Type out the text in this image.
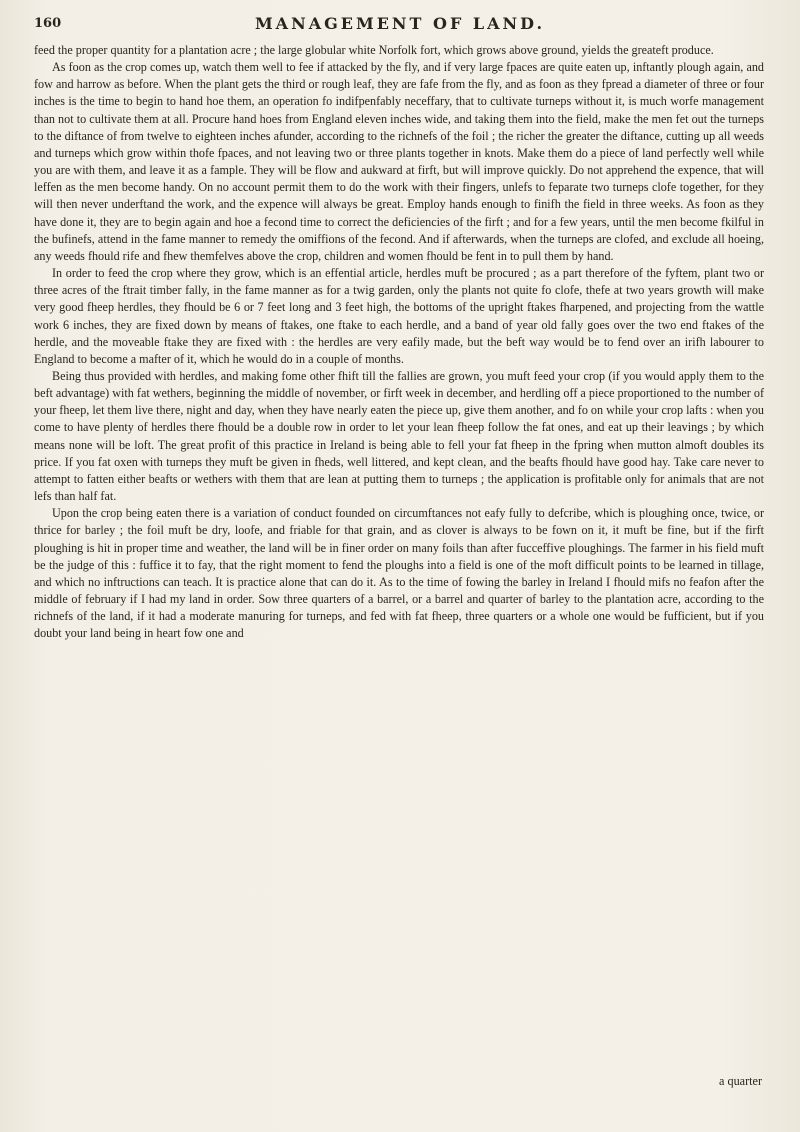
160	MANAGEMENT OF LAND.

feed the proper quantity for a plantation acre ; the large globular white Norfolk fort, which grows above ground, yields the greateft produce.

As foon as the crop comes up, watch them well to fee if attacked by the fly, and if very large fpaces are quite eaten up, inftantly plough again, and fow and harrow as before. When the plant gets the third or rough leaf, they are fafe from the fly, and as foon as they fpread a diameter of three or four inches is the time to begin to hand hoe them, an operation fo indifpenfably neceffary, that to cultivate turneps without it, is much worfe management than not to cultivate them at all. Procure hand hoes from England eleven inches wide, and taking them into the field, make the men fet out the turneps to the diftance of from twelve to eighteen inches afunder, according to the richnefs of the foil ; the richer the greater the diftance, cutting up all weeds and turneps which grow within thofe fpaces, and not leaving two or three plants together in knots. Make them do a piece of land perfectly well while you are with them, and leave it as a fample. They will be flow and aukward at firft, but will improve quickly. Do not apprehend the expence, that will leffen as the men become handy. On no account permit them to do the work with their fingers, unlefs to feparate two turneps clofe together, for they will then never underftand the work, and the expence will always be great. Employ hands enough to finifh the field in three weeks. As foon as they have done it, they are to begin again and hoe a fecond time to correct the deficiencies of the firft ; and for a few years, until the men become fkilful in the bufinefs, attend in the fame manner to remedy the omiffions of the fecond. And if afterwards, when the turneps are clofed, and exclude all hoeing, any weeds fhould rife and fhew themfelves above the crop, children and women fhould be fent in to pull them by hand.

In order to feed the crop where they grow, which is an effential article, herdles muft be procured ; as a part therefore of the fyftem, plant two or three acres of the ftrait timber fally, in the fame manner as for a twig garden, only the plants not quite fo clofe, thefe at two years growth will make very good fheep herdles, they fhould be 6 or 7 feet long and 3 feet high, the bottoms of the upright ftakes fharpened, and projecting from the wattle work 6 inches, they are fixed down by means of ftakes, one ftake to each herdle, and a band of year old fally goes over the two end ftakes of the herdle, and the moveable ftake they are fixed with : the herdles are very eafily made, but the beft way would be to fend over an irifh labourer to England to become a mafter of it, which he would do in a couple of months.

Being thus provided with herdles, and making fome other fhift till the fallies are grown, you muft feed your crop (if you would apply them to the beft advantage) with fat wethers, beginning the middle of november, or firft week in december, and herdling off a piece proportioned to the number of your fheep, let them live there, night and day, when they have nearly eaten the piece up, give them another, and fo on while your crop lafts : when you come to have plenty of herdles there fhould be a double row in order to let your lean fheep follow the fat ones, and eat up their leavings ; by which means none will be loft. The great profit of this practice in Ireland is being able to fell your fat fheep in the fpring when mutton almoft doubles its price. If you fat oxen with turneps they muft be given in fheds, well littered, and kept clean, and the beafts fhould have good hay. Take care never to attempt to fatten either beafts or wethers with them that are lean at putting them to turneps ; the application is profitable only for animals that are not lefs than half fat.

Upon the crop being eaten there is a variation of conduct founded on circumftances not eafy fully to defcribe, which is ploughing once, twice, or thrice for barley ; the foil muft be dry, loofe, and friable for that grain, and as clover is always to be fown on it, it muft be fine, but if the firft ploughing is hit in proper time and weather, the land will be in finer order on many foils than after fucceffive ploughings. The farmer in his field muft be the judge of this : fuffice it to fay, that the right moment to fend the ploughs into a field is one of the moft difficult points to be learned in tillage, and which no inftructions can teach. It is practice alone that can do it. As to the time of fowing the barley in Ireland I fhould mifs no feafon after the middle of february if I had my land in order. Sow three quarters of a barrel, or a barrel and quarter of barley to the plantation acre, according to the richnefs of the land, if it had a moderate manuring for turneps, and fed with fat fheep, three quarters or a whole one would be fufficient, but if you doubt your land being in heart fow one and

a quarter
